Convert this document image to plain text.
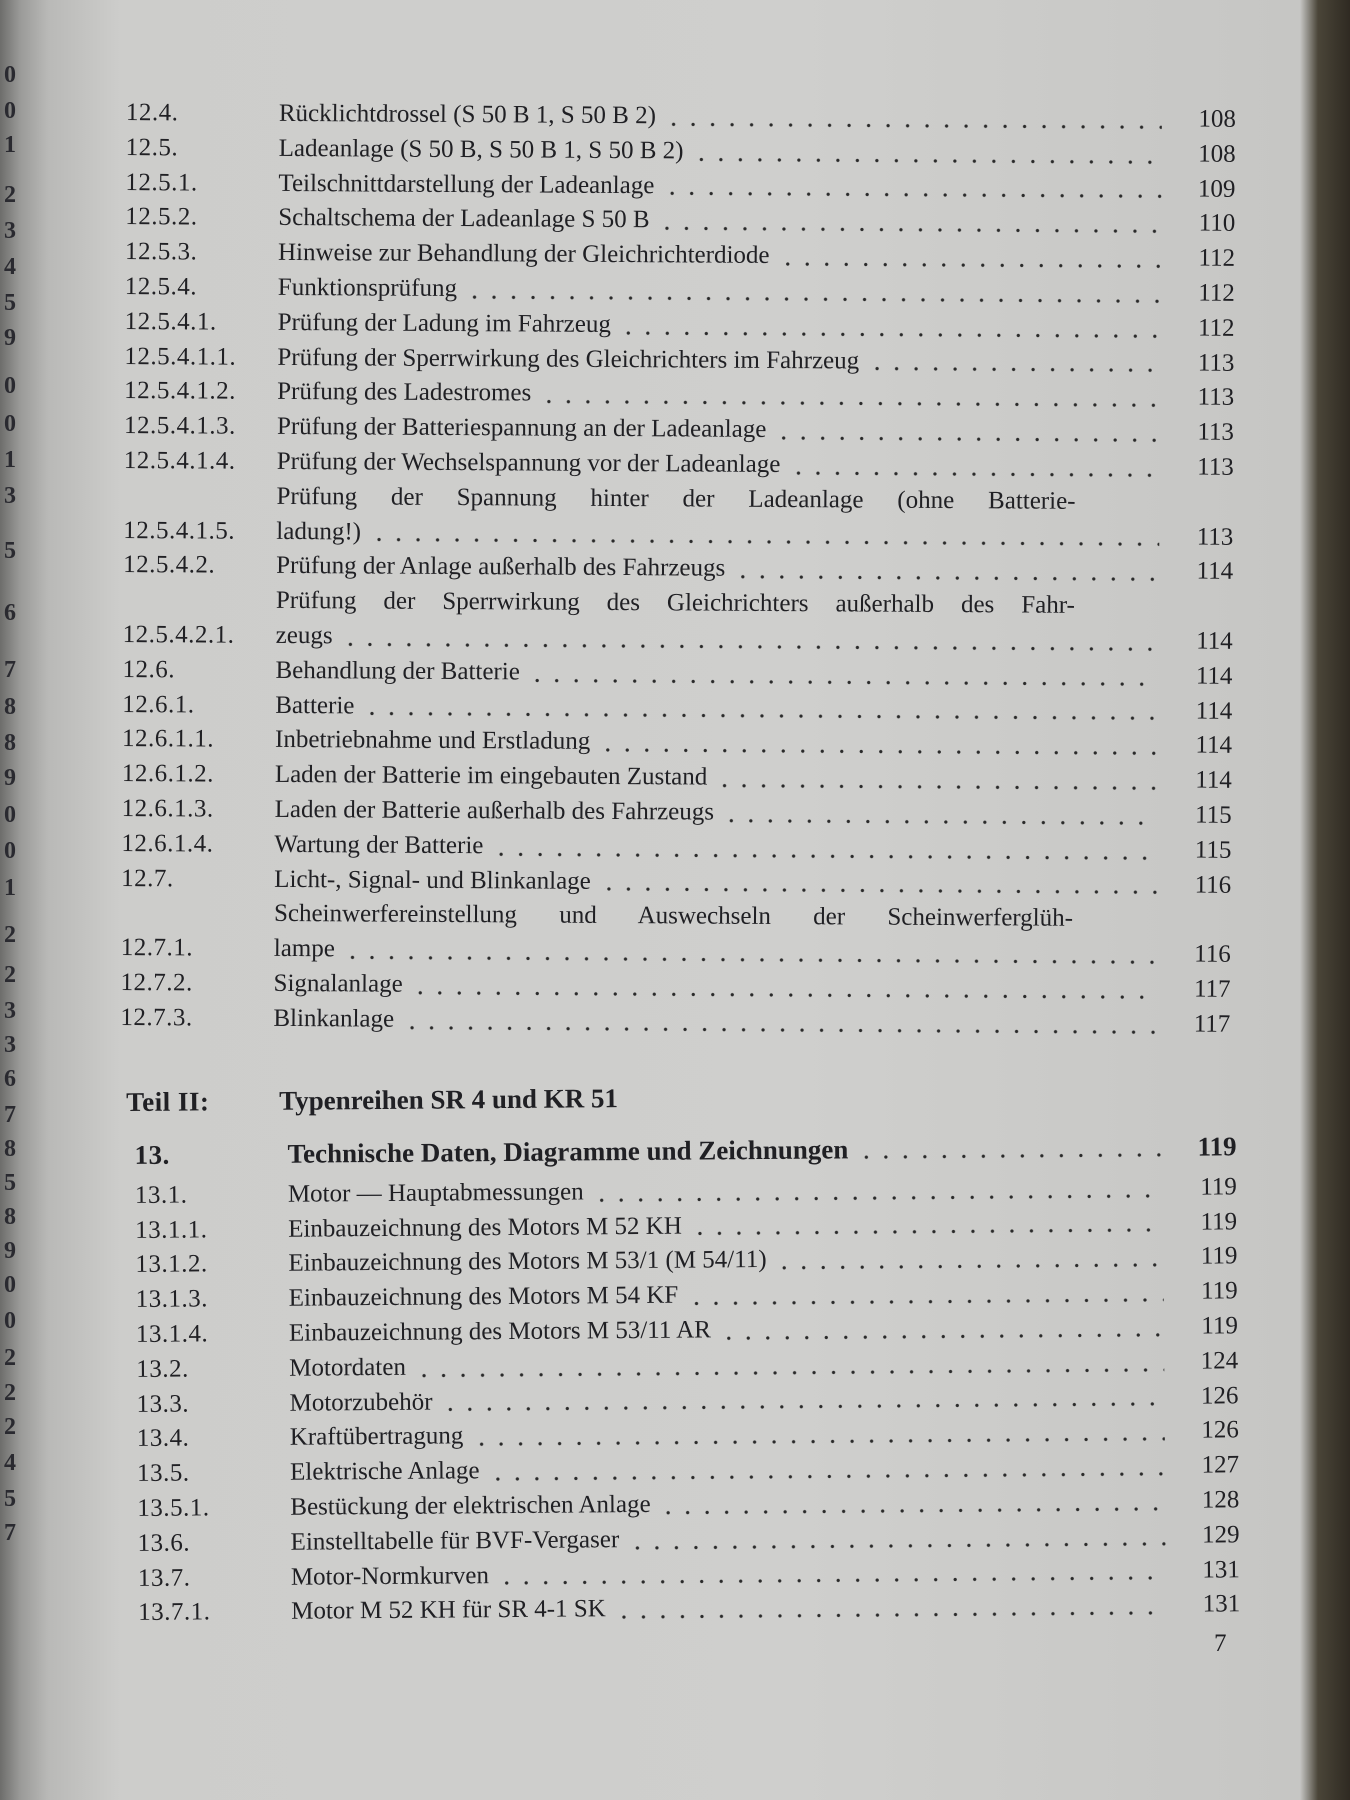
0
0
1
2
3
4
5
9
0
0
1
3
5
6
7
8
8
9
0
0
1
2
2
3
3
6
7
8
5
8
9
0
0
2
2
2
4
5
7
12.4.	Rücklichtdrossel (S 50 B 1, S 50 B 2)	108
12.5.	Ladeanlage (S 50 B, S 50 B 1, S 50 B 2)	108
12.5.1.	Teilschnittdarstellung der Ladeanlage	109
12.5.2.	Schaltschema der Ladeanlage S 50 B	110
12.5.3.	Hinweise zur Behandlung der Gleichrichterdiode	112
12.5.4.	Funktionsprüfung	112
12.5.4.1.	Prüfung der Ladung im Fahrzeug	112
12.5.4.1.1.	Prüfung der Sperrwirkung des Gleichrichters im Fahrzeug	113
12.5.4.1.2.	Prüfung des Ladestromes	113
12.5.4.1.3.	Prüfung der Batteriespannung an der Ladeanlage	113
12.5.4.1.4.	Prüfung der Wechselspannung vor der Ladeanlage	113
12.5.4.1.5.
Prüfung der Spannung hinter der Ladeanlage (ohne Batterie-
ladung!)	113
12.5.4.2.	Prüfung der Anlage außerhalb des Fahrzeugs	114
12.5.4.2.1.
Prüfung der Sperrwirkung des Gleichrichters außerhalb des Fahr-
zeugs	114
12.6.	Behandlung der Batterie	114
12.6.1.	Batterie	114
12.6.1.1.	Inbetriebnahme und Erstladung	114
12.6.1.2.	Laden der Batterie im eingebauten Zustand	114
12.6.1.3.	Laden der Batterie außerhalb des Fahrzeugs	115
12.6.1.4.	Wartung der Batterie	115
12.7.	Licht-, Signal- und Blinkanlage	116
12.7.1.
Scheinwerfereinstellung und Auswechseln der Scheinwerferglüh-
lampe	116
12.7.2.	Signalanlage	117
12.7.3.	Blinkanlage	117
Teil II:	Typenreihen SR 4 und KR 51
13.	Technische Daten, Diagramme und Zeichnungen	119
13.1.	Motor — Hauptabmessungen	119
13.1.1.	Einbauzeichnung des Motors M 52 KH	119
13.1.2.	Einbauzeichnung des Motors M 53/1 (M 54/11)	119
13.1.3.	Einbauzeichnung des Motors M 54 KF	119
13.1.4.	Einbauzeichnung des Motors M 53/11 AR	119
13.2.	Motordaten	124
13.3.	Motorzubehör	126
13.4.	Kraftübertragung	126
13.5.	Elektrische Anlage	127
13.5.1.	Bestückung der elektrischen Anlage	128
13.6.	Einstelltabelle für BVF-Vergaser	129
13.7.	Motor-Normkurven	131
13.7.1.	Motor M 52 KH für SR 4-1 SK	131
7
